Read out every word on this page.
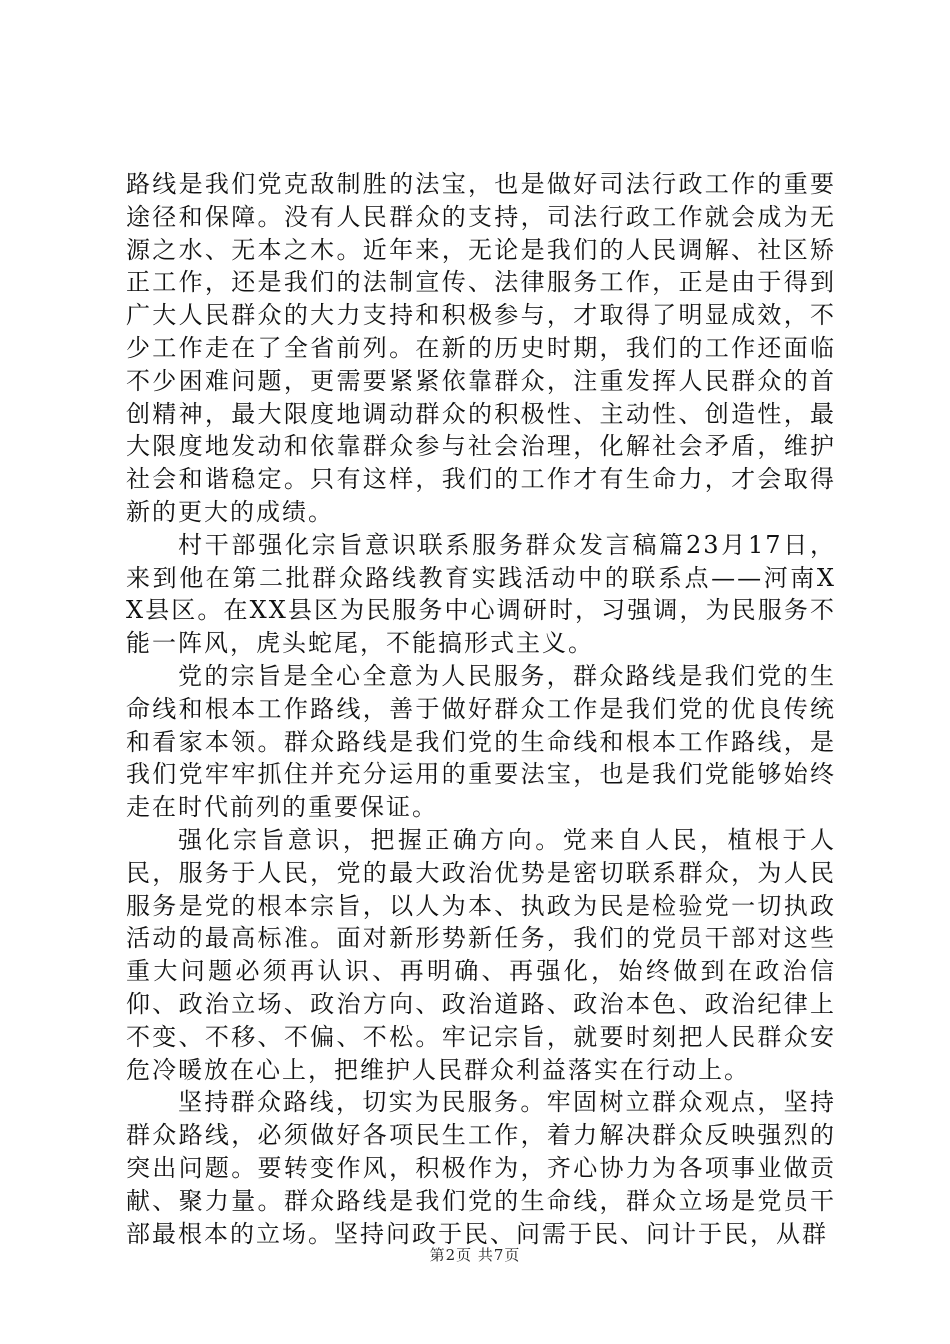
路线是我们党克敌制胜的法宝，也是做好司法行政工作的重要途径和保障。没有人民群众的支持，司法行政工作就会成为无源之水、无本之木。近年来，无论是我们的人民调解、社区矫正工作，还是我们的法制宣传、法律服务工作，正是由于得到广大人民群众的大力支持和积极参与，才取得了明显成效，不少工作走在了全省前列。在新的历史时期，我们的工作还面临不少困难问题，更需要紧紧依靠群众，注重发挥人民群众的首创精神，最大限度地调动群众的积极性、主动性、创造性，最大限度地发动和依靠群众参与社会治理，化解社会矛盾，维护社会和谐稳定。只有这样，我们的工作才有生命力，才会取得新的更大的成绩。

村干部强化宗旨意识联系服务群众发言稿篇23月17日，来到他在第二批群众路线教育实践活动中的联系点——河南XX县区。在XX县区为民服务中心调研时，习强调，为民服务不能一阵风，虎头蛇尾，不能搞形式主义。

党的宗旨是全心全意为人民服务，群众路线是我们党的生命线和根本工作路线，善于做好群众工作是我们党的优良传统和看家本领。群众路线是我们党的生命线和根本工作路线，是我们党牢牢抓住并充分运用的重要法宝，也是我们党能够始终走在时代前列的重要保证。

强化宗旨意识，把握正确方向。党来自人民，植根于人民，服务于人民，党的最大政治优势是密切联系群众，为人民服务是党的根本宗旨，以人为本、执政为民是检验党一切执政活动的最高标准。面对新形势新任务，我们的党员干部对这些重大问题必须再认识、再明确、再强化，始终做到在政治信仰、政治立场、政治方向、政治道路、政治本色、政治纪律上不变、不移、不偏、不松。牢记宗旨，就要时刻把人民群众安危冷暖放在心上，把维护人民群众利益落实在行动上。

坚持群众路线，切实为民服务。牢固树立群众观点，坚持群众路线，必须做好各项民生工作，着力解决群众反映强烈的突出问题。要转变作风，积极作为，齐心协力为各项事业做贡献、聚力量。群众路线是我们党的生命线，群众立场是党员干部最根本的立场。坚持问政于民、问需于民、问计于民，从群

第2页 共7页
